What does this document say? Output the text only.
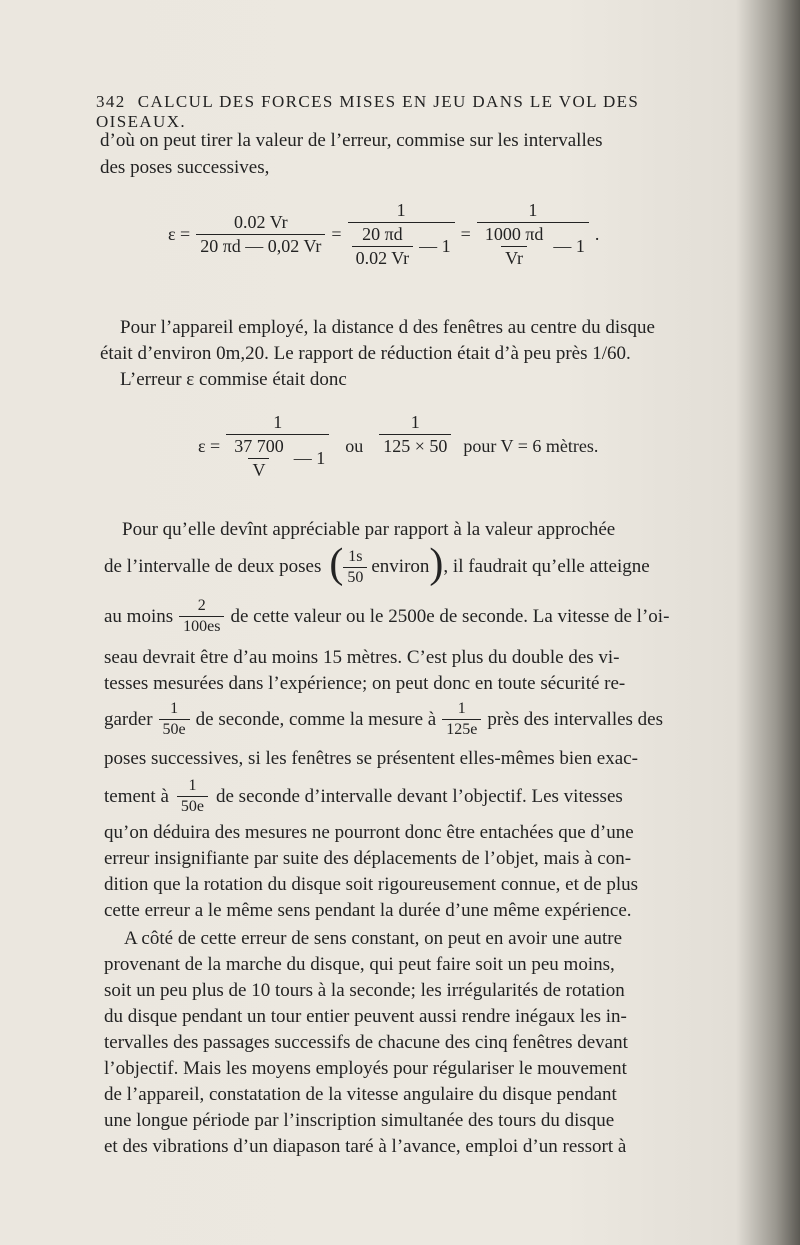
342 CALCUL DES FORCES MISES EN JEU DANS LE VOL DES OISEAUX.
d’où on peut tirer la valeur de l’erreur, commise sur les intervalles
des poses successives,
$\varepsilon = \frac{0.02 Vr}{20 \pi d — 0,02 Vr} = \frac{1}{\frac{20 \pi d}{0.02 Vr} — 1} = \frac{1}{\frac{1000 \pi d}{Vr} — 1}$ .
Pour l’appareil employé, la distance d des fenêtres au centre du disque
était d’environ 0m,20. Le rapport de réduction était d’à peu près 1/60.
L’erreur ε commise était donc
$\varepsilon = \frac{1}{\frac{37 700}{V} — 1}$ ou $\frac{1}{125 \times 50}$ pour V = 6 mètres.
Pour qu’elle devînt appréciable par rapport à la valeur approchée
de l’intervalle de deux poses ( $\frac{1s}{50}$ environ ) , il faudrait qu’elle atteigne
au moins $\frac{2}{100es}$ de cette valeur ou le 2500e de seconde. La vitesse de l’oi-
seau devrait être d’au moins 15 mètres. C’est plus du double des vi-
tesses mesurées dans l’expérience; on peut donc en toute sécurité re-
garder $\frac{1}{50e}$ de seconde, comme la mesure à $\frac{1}{125e}$ près des intervalles des
poses successives, si les fenêtres se présentent elles-mêmes bien exac-
tement à $\frac{1}{50e}$ de seconde d’intervalle devant l’objectif. Les vitesses
qu’on déduira des mesures ne pourront donc être entachées que d’une
erreur insignifiante par suite des déplacements de l’objet, mais à con-
dition que la rotation du disque soit rigoureusement connue, et de plus
cette erreur a le même sens pendant la durée d’une même expérience.
A côté de cette erreur de sens constant, on peut en avoir une autre
provenant de la marche du disque, qui peut faire soit un peu moins,
soit un peu plus de 10 tours à la seconde; les irrégularités de rotation
du disque pendant un tour entier peuvent aussi rendre inégaux les in-
tervalles des passages successifs de chacune des cinq fenêtres devant
l’objectif. Mais les moyens employés pour régulariser le mouvement
de l’appareil, constatation de la vitesse angulaire du disque pendant
une longue période par l’inscription simultanée des tours du disque
et des vibrations d’un diapason taré à l’avance, emploi d’un ressort à
